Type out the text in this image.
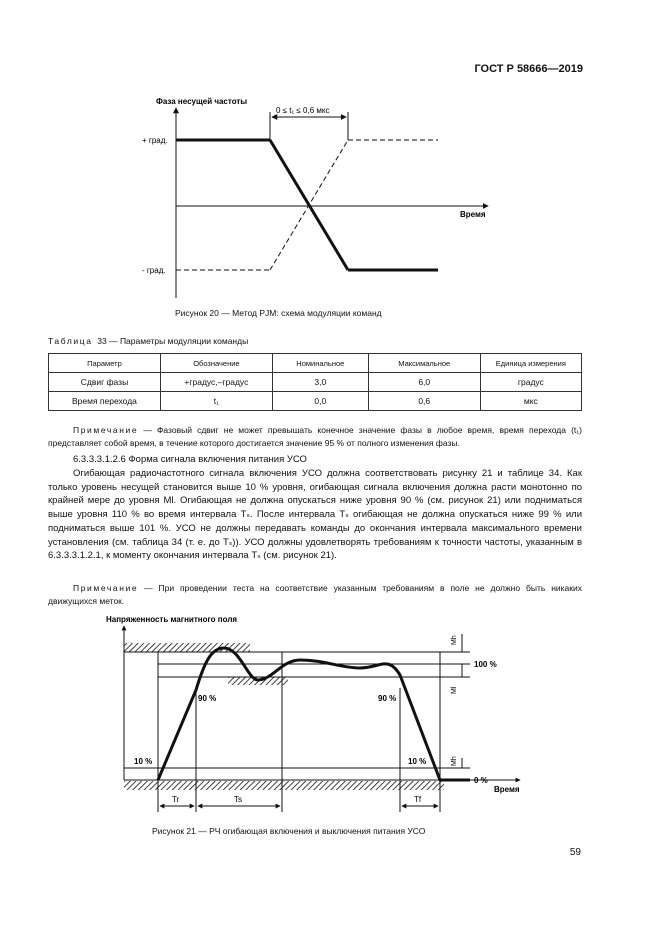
ГОСТ Р 58666—2019
Фаза несущей частоты
Время
+ град.
- град.
0 ≤ t₁ ≤ 0,6 мкс
Рисунок 20 — Метод PJM: схема модуляции команд
Таблица 33 — Параметры модуляции команды
Параметр	Обозначение	Номинальное	Максимальное	Единица измерения
Сдвиг фазы	+градус,–градус	3,0	6,0	градус
Время перехода	t₁	0,0	0,6	мкс
Примечание — Фазовый сдвиг не может превышать конечное значение фазы в любое время, время перехода (t₁) представляет собой время, в течение которого достигается значение 95 % от полного изменения фазы.
6.3.3.3.1.2.6 Форма сигнала включения питания УСО
Огибающая радиочастотного сигнала включения УСО должна соответствовать рисунку 21 и таблице 34. Как только уровень несущей становится выше 10 % уровня, огибающая сигнала включения должна расти монотонно по крайней мере до уровня Ml. Огибающая не должна опускаться ниже уровня 90 % (см. рисунок 21) или подниматься выше уровня 110 % во время интервала Tₛ. После интервала Tₛ огибающая не должна опускаться ниже 99 % или подниматься выше 101 %. УСО не должны передавать команды до окончания интервала максимального времени установления (см. таблица 34 (т. е. до Tₛ)). УСО должны удовлетворять требованиям к точности частоты, указанным в 6.3.3.3.1.2.1, к моменту окончания интервала Tₛ (см. рисунок 21).
Примечание — При проведении теста на соответствие указанным требованиям в поле не должно быть никаких движущихся меток.
Напряженность магнитного поля
90 %	90 %
10 %	10 %
100 %
0 %
Mh
Ml
Mh
Время
Tr	Ts	Tf
Рисунок 21 — РЧ огибающая включения и выключения питания УСО
59
